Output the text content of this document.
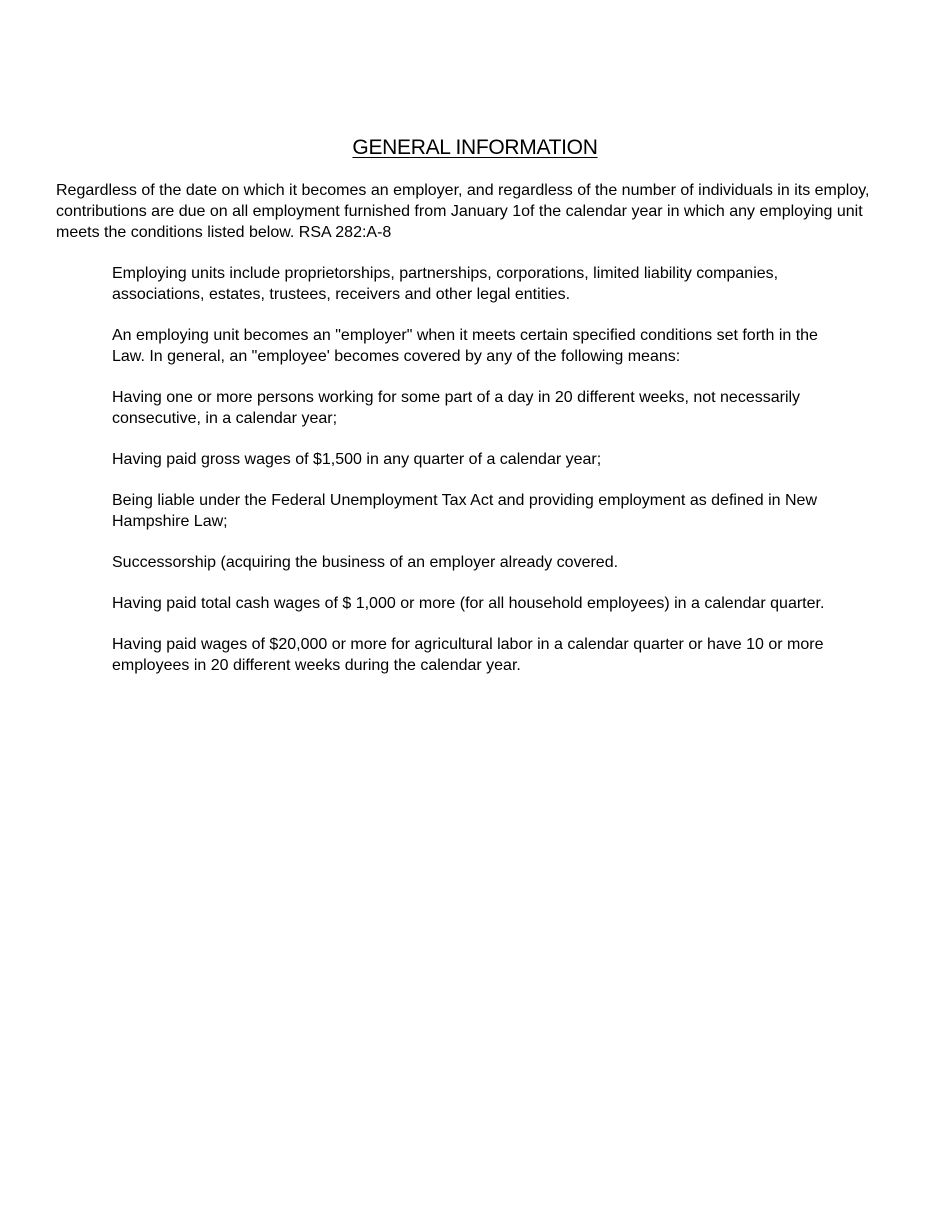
GENERAL INFORMATION

Regardless of the date on which it becomes an employer, and regardless of the number of individuals in its employ, contributions are due on all employment furnished from January 1of the calendar year in which any employing unit meets the conditions listed below. RSA 282:A-8

Employing units include proprietorships, partnerships, corporations, limited liability companies, associations, estates, trustees, receivers and other legal entities.

An employing unit becomes an "employer" when it meets certain specified conditions set forth in the Law. In general, an "employee' becomes covered by any of the following means:

Having one or more persons working for some part of a day in 20 different weeks, not necessarily consecutive, in a calendar year;

Having paid gross wages of $1,500 in any quarter of a calendar year;

Being liable under the Federal Unemployment Tax Act and providing employment as defined in New Hampshire Law;

Successorship (acquiring the business of an employer already covered.

Having paid total cash wages of $ 1,000 or more (for all household employees) in a calendar quarter.

Having paid wages of $20,000 or more for agricultural labor in a calendar quarter or have 10 or more employees in 20 different weeks during the calendar year.
